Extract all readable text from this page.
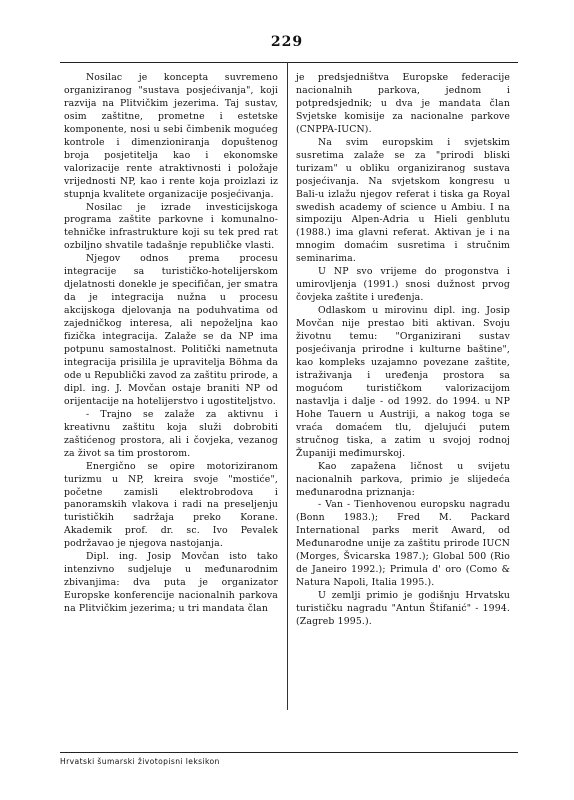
229

Nosilac je koncepta suvremeno organiziranog "sustava posjećivanja", koji razvija na Plitvičkim jezerima. Taj sustav, osim zaštitne, prometne i estetske komponente, nosi u sebi čimbenik mogućeg kontrole i dimenzioniranja dopuštenog broja posjetitelja kao i ekonomske valorizacije rente atraktivnosti i položaje vrijednosti NP, kao i rente koja proizlazi iz stupnja kvalitete organizacije posjećivanja.

Nosilac je izrade investicijskoga programa zaštite parkovne i komunalno-tehničke infrastrukture koji su tek pred rat ozbiljno shvatile tadašnje republičke vlasti.

Njegov odnos prema procesu integracije sa turističko-hotelijerskom djelatnosti donekle je specifičan, jer smatra da je integracija nužna u procesu akcijskoga djelovanja na poduhvatima od zajedničkog interesa, ali nepoželjna kao fizička integracija. Zalaže se da NP ima potpunu samostalnost. Politički nametnuta integracija prisilila je upravitelja Böhma da ode u Republički zavod za zaštitu prirode, a dipl. ing. J. Movčan ostaje braniti NP od orijentacije na hotelijerstvo i ugostiteljstvo.

- Trajno se zalaže za aktivnu i kreativnu zaštitu koja služi dobrobiti zaštićenog prostora, ali i čovjeka, vezanog za život sa tim prostorom.

Energično se opire motoriziranom turizmu u NP, kreira svoje "mostiće", početne zamisli elektrobrodova i panoramskih vlakova i radi na preseljenju turističkih sadržaja preko Korane. Akademik prof. dr. sc. Ivo Pevalek podržavao je njegova nastojanja.

Dipl. ing. Josip Movčan isto tako intenzivno sudjeluje u međunarodnim zbivanjima: dva puta je organizator Europske konferencije nacionalnih parkova na Plitvičkim jezerima; u tri mandata član

je predsjedništva Europske federacije nacionalnih parkova, jednom i potpredsjednik; u dva je mandata član Svjetske komisije za nacionalne parkove (CNPPA-IUCN).

Na svim europskim i svjetskim susretima zalaže se za "prirodi bliski turizam" u obliku organiziranog sustava posjećivanja. Na svjetskom kongresu u Bali-u izlažu njegov referat i tiska ga Royal swedish academy of science u Ambiu. I na simpoziju Alpen-Adria u Hieli genblutu (1988.) ima glavni referat. Aktivan je i na mnogim domaćim susretima i stručnim seminarima.

U NP svo vrijeme do progonstva i umirovljenja (1991.) snosi dužnost prvog čovjeka zaštite i uređenja.

Odlaskom u mirovinu dipl. ing. Josip Movčan nije prestao biti aktivan. Svoju životnu temu: "Organizirani sustav posjećivanja prirodne i kulturne baštine", kao kompleks uzajamno povezane zaštite, istraživanja i uređenja prostora sa mogućom turističkom valorizacijom nastavlja i dalje - od 1992. do 1994. u NP Hohe Tauern u Austriji, a nakog toga se vraća domaćem tlu, djelujući putem stručnog tiska, a zatim u svojoj rodnoj Županiji međimurskoj.

Kao zapažena ličnost u svijetu nacionalnih parkova, primio je slijedeća međunarodna priznanja:

- Van - Tienhovenou europsku nagradu (Bonn 1983.); Fred M. Packard International parks merit Award, od Međunarodne unije za zaštitu prirode IUCN (Morges, Švicarska 1987.); Global 500 (Rio de Janeiro 1992.); Primula d' oro (Como & Natura Napoli, Italia 1995.).

U zemlji primio je godišnju Hrvatsku turističku nagradu "Antun Štifanić" - 1994. (Zagreb 1995.).

Hrvatski šumarski životopisni leksikon
